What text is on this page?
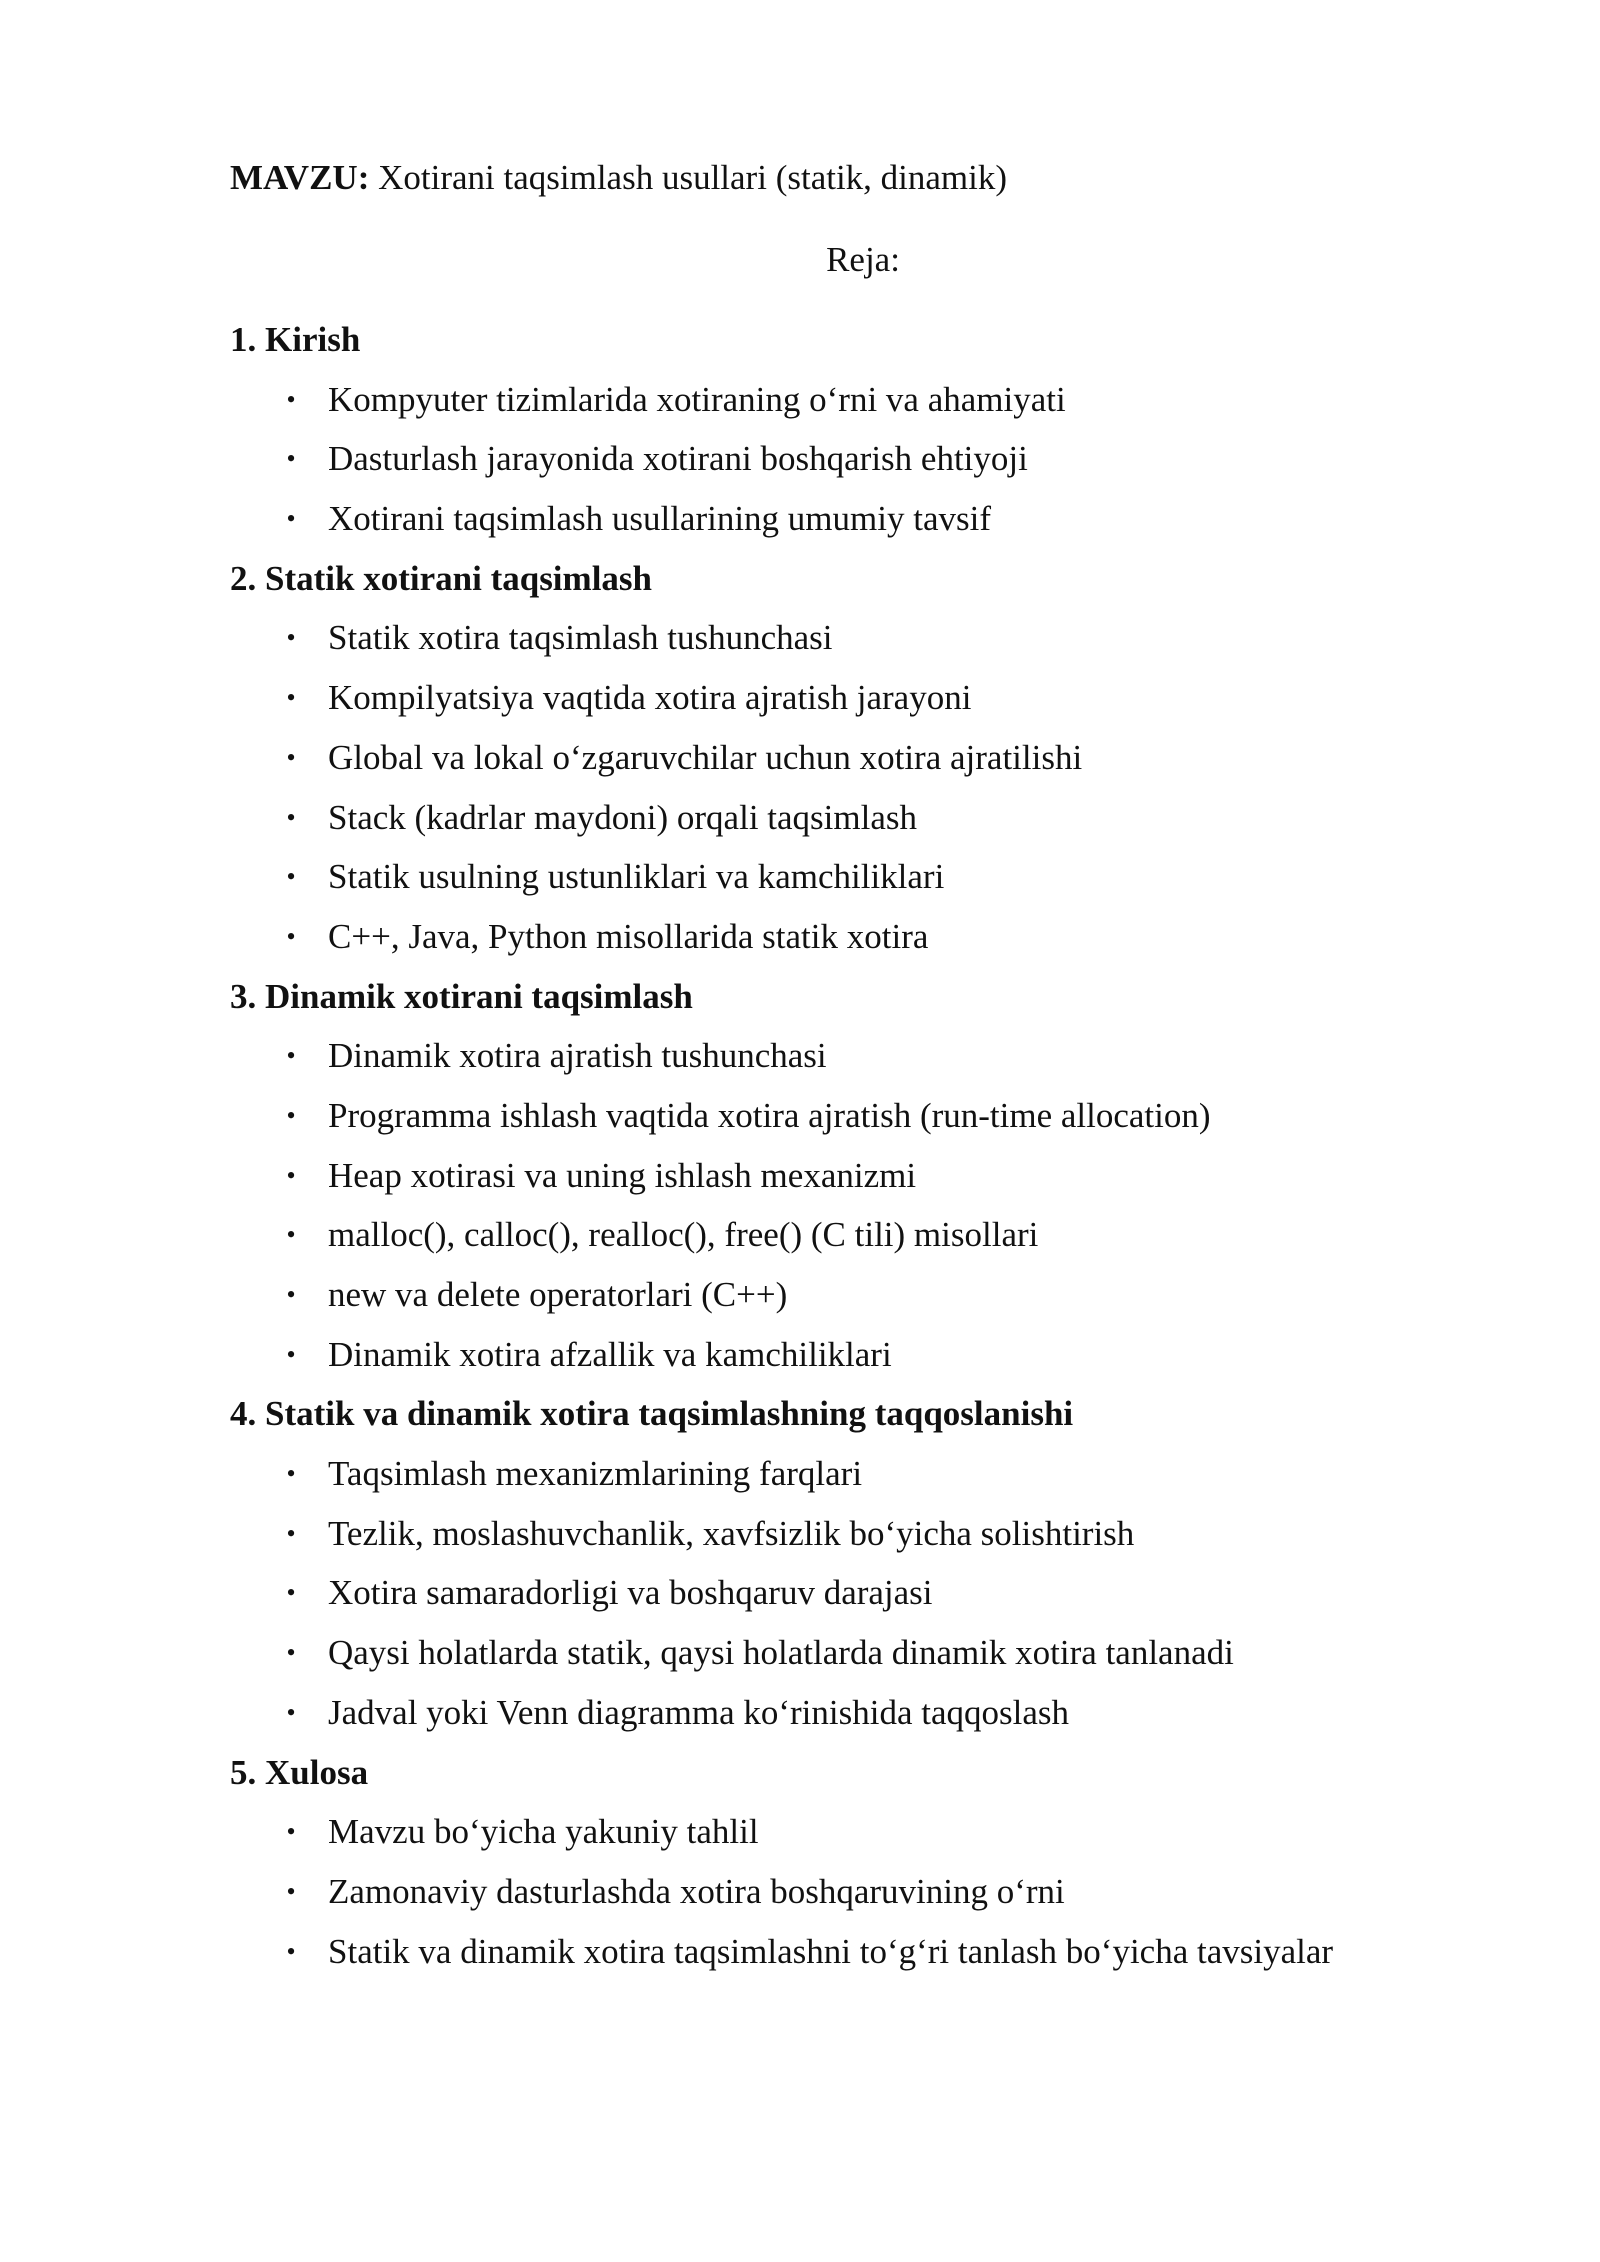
MAVZU: Xotirani taqsimlash usullari (statik, dinamik)
Reja:
1. Kirish
• Kompyuter tizimlarida xotiraning o‘rni va ahamiyati
• Dasturlash jarayonida xotirani boshqarish ehtiyoji
• Xotirani taqsimlash usullarining umumiy tavsif
2. Statik xotirani taqsimlash
• Statik xotira taqsimlash tushunchasi
• Kompilyatsiya vaqtida xotira ajratish jarayoni
• Global va lokal o‘zgaruvchilar uchun xotira ajratilishi
• Stack (kadrlar maydoni) orqali taqsimlash
• Statik usulning ustunliklari va kamchiliklari
• C++, Java, Python misollarida statik xotira
3. Dinamik xotirani taqsimlash
• Dinamik xotira ajratish tushunchasi
• Programma ishlash vaqtida xotira ajratish (run-time allocation)
• Heap xotirasi va uning ishlash mexanizmi
• malloc(), calloc(), realloc(), free() (C tili) misollari
• new va delete operatorlari (C++)
• Dinamik xotira afzallik va kamchiliklari
4. Statik va dinamik xotira taqsimlashning taqqoslanishi
• Taqsimlash mexanizmlarining farqlari
• Tezlik, moslashuvchanlik, xavfsizlik bo‘yicha solishtirish
• Xotira samaradorligi va boshqaruv darajasi
• Qaysi holatlarda statik, qaysi holatlarda dinamik xotira tanlanadi
• Jadval yoki Venn diagramma ko‘rinishida taqqoslash
5. Xulosa
• Mavzu bo‘yicha yakuniy tahlil
• Zamonaviy dasturlashda xotira boshqaruvining o‘rni
• Statik va dinamik xotira taqsimlashni to‘g‘ri tanlash bo‘yicha tavsiyalar
